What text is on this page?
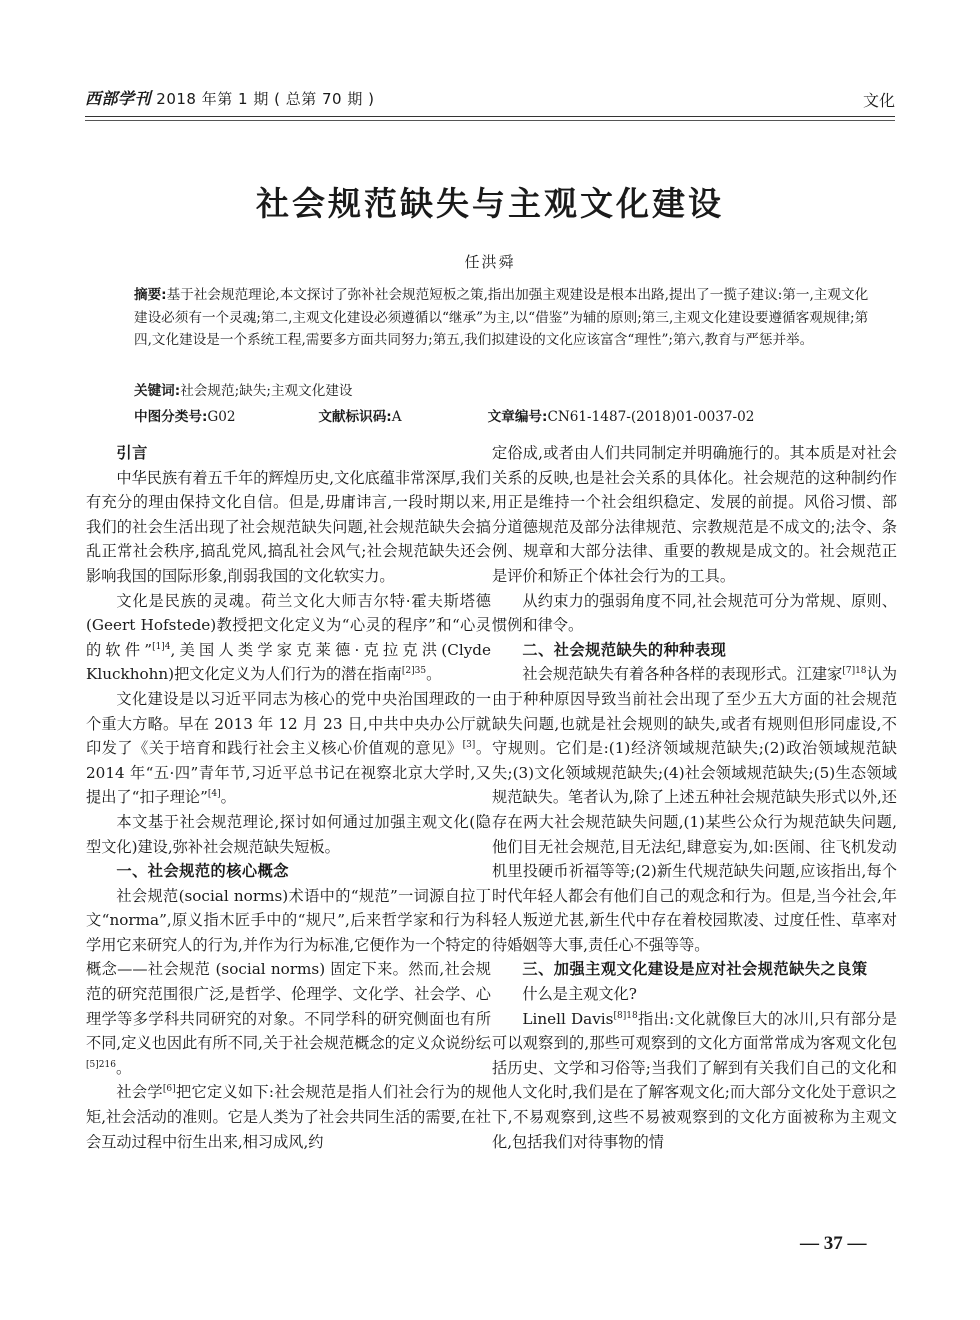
西部学刊 2018 年第 1 期 ( 总第 70 期 )	文化
社会规范缺失与主观文化建设
任洪舜
摘要:基于社会规范理论,本文探讨了弥补社会规范短板之策,指出加强主观建设是根本出路,提出了一揽子建议:第一,主观文化建设必须有一个灵魂;第二,主观文化建设必须遵循以“继承”为主,以“借鉴”为辅的原则;第三,主观文化建设要遵循客观规律;第四,文化建设是一个系统工程,需要多方面共同努力;第五,我们拟建设的文化应该富含“理性”;第六,教育与严惩并举。
关键词:社会规范;缺失;主观文化建设
中图分类号:G02	文献标识码:A	文章编号:CN61-1487-(2018)01-0037-02
引言

中华民族有着五千年的辉煌历史,文化底蕴非常深厚,我们有充分的理由保持文化自信。但是,毋庸讳言,一段时期以来,我们的社会生活出现了社会规范缺失问题,社会规范缺失会搞乱正常社会秩序,搞乱党风,搞乱社会风气;社会规范缺失还会影响我国的国际形象,削弱我国的文化软实力。

文化是民族的灵魂。荷兰文化大师吉尔特·霍夫斯塔德(Geert Hofstede)教授把文化定义为“心灵的程序”和“心灵的软件”$^{[1]4}$,美国人类学家克莱德·克拉克洪(Clyde Kluckhohn)把文化定义为人们行为的潜在指南$^{[2]35}$。

文化建设是以习近平同志为核心的党中央治国理政的一个重大方略。早在 2013 年 12 月 23 日,中共中央办公厅就印发了《关于培育和践行社会主义核心价值观的意见》[3]。2014 年“五·四”青年节,习近平总书记在视察北京大学时,又提出了“扣子理论”[4]。

本文基于社会规范理论,探讨如何通过加强主观文化(隐型文化)建设,弥补社会规范缺失短板。

一、社会规范的核心概念

社会规范(social norms)术语中的“规范”一词源自拉丁文“norma”,原义指木匠手中的“规尺”,后来哲学家和行为科学用它来研究人的行为,并作为行为标准,它便作为一个特定的概念——社会规范 (social norms) 固定下来。然而,社会规范的研究范围很广泛,是哲学、伦理学、文化学、社会学、心理学等多学科共同研究的对象。不同学科的研究侧面也有所不同,定义也因此有所不同,关于社会规范概念的定义众说纷纭$^{[5]216}$。

社会学[6]把它定义如下:社会规范是指人们社会行为的规矩,社会活动的准则。它是人类为了社会共同生活的需要,在社会互动过程中衍生出来,相习成风,约

定俗成,或者由人们共同制定并明确施行的。其本质是对社会关系的反映,也是社会关系的具体化。社会规范的这种制约作用正是维持一个社会组织稳定、发展的前提。风俗习惯、部分道德规范及部分法律规范、宗教规范是不成文的;法令、条例、规章和大部分法律、重要的教规是成文的。社会规范正是评价和矫正个体社会行为的工具。

从约束力的强弱角度不同,社会规范可分为常规、原则、惯例和律令。

二、社会规范缺失的种种表现

社会规范缺失有着各种各样的表现形式。江建家$^{[7]18}$认为由于种种原因导致当前社会出现了至少五大方面的社会规范缺失问题,也就是社会规则的缺失,或者有规则但形同虚设,不守规则。它们是:(1)经济领域规范缺失;(2)政治领域规范缺失;(3)文化领域规范缺失;(4)社会领域规范缺失;(5)生态领域规范缺失。笔者认为,除了上述五种社会规范缺失形式以外,还存在两大社会规范缺失问题,(1)某些公众行为规范缺失问题,他们目无社会规范,目无法纪,肆意妄为,如:医闹、往飞机发动机里投硬币祈福等等;(2)新生代规范缺失问题,应该指出,每个时代年轻人都会有他们自己的观念和行为。但是,当今社会,年轻人叛逆尤甚,新生代中存在着校园欺凌、过度任性、草率对待婚姻等大事,责任心不强等等。

三、加强主观文化建设是应对社会规范缺失之良策

什么是主观文化?

Linell Davis$^{[8]18}$指出:文化就像巨大的冰川,只有部分是可以观察到的,那些可观察到的文化方面常常成为客观文化包括历史、文学和习俗等;当我们了解到有关我们自己的文化和他人文化时,我们是在了解客观文化;而大部分文化处于意识之下,不易观察到,这些不易被观察到的文化方面被称为主观文化,包括我们对待事物的情

— 37 —
